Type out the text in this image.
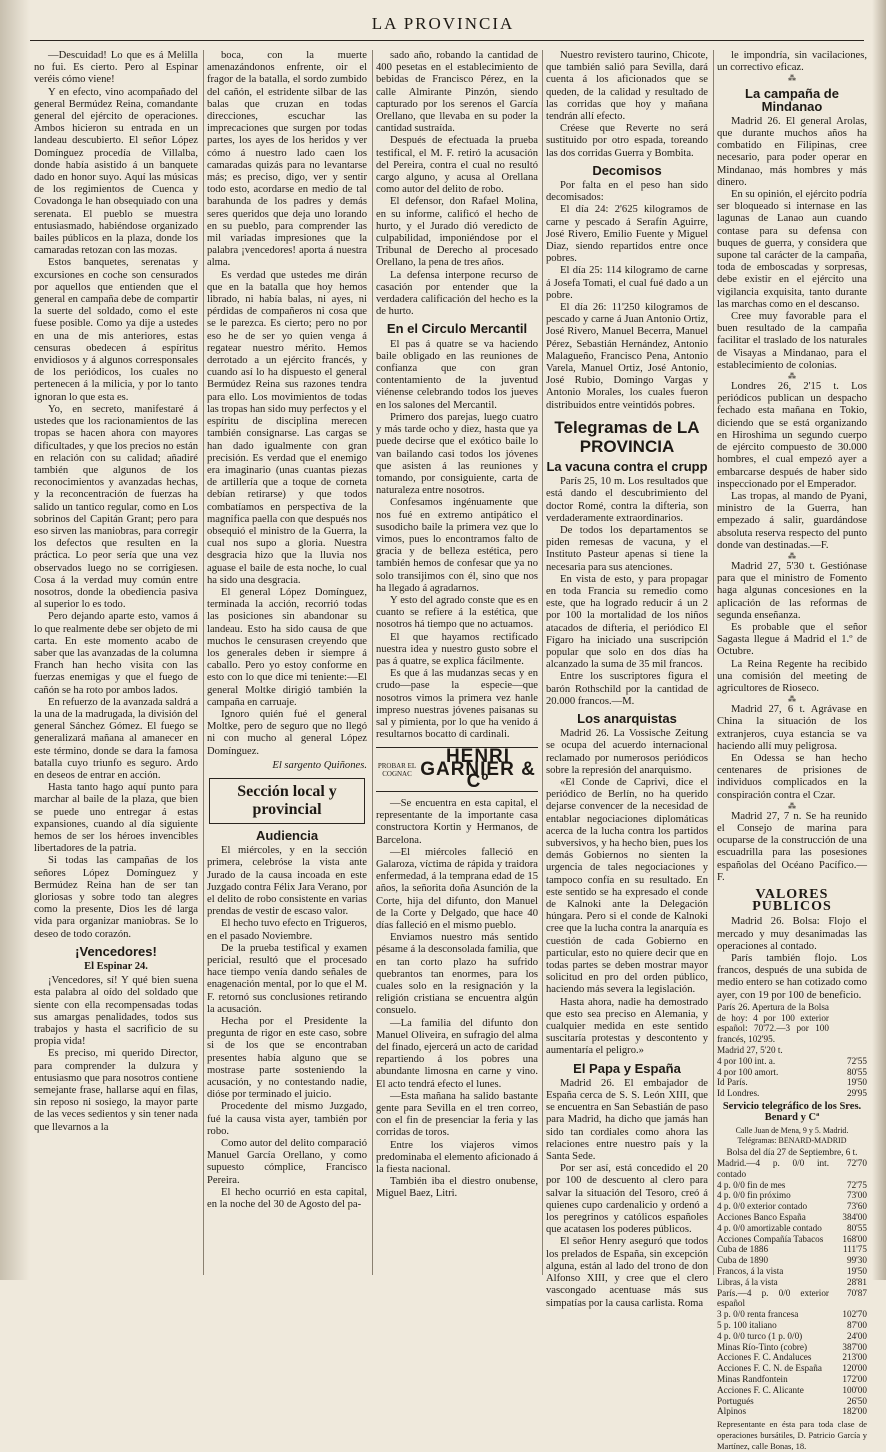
LA PROVINCIA

—Descuidad! Lo que es á Melilla no fui. Es cierto. Pero al Espinar veréis cómo viene!

Y en efecto, vino acompañado del general Bermúdez Reina, comandante general del ejército de operaciones. Ambos hicieron su entrada en un landeau descubierto. El señor López Domínguez procedía de Villalba, donde había asistido á un banquete dado en honor suyo. Aquí las músicas de los regimientos de Cuenca y Covadonga le han obsequiado con una serenata. El pueblo se muestra entusiasmado, habiéndose organizado bailes públicos en la plaza, donde los camaradas retozan con las mozas.

Estos banquetes, serenatas y excursiones en coche son censurados por aquellos que entienden que el general en campaña debe de compartir la suerte del soldado, como el este fuese posible. Como ya dije a ustedes en una de mis anteriores, estas censuras obedecen á espíritus envidiosos y á algunos corresponsales de los periódicos, los cuales no pertenecen á la milicia, y por lo tanto ignoran lo que esta es.

Yo, en secreto, manifestaré á ustedes que los racionamientos de las tropas se hacen ahora con mayores dificultades, y que los precios no están en relación con su calidad; añadiré también que algunos de los reconocimientos y avanzadas hechas, y la reconcentración de fuerzas ha salido un tantico regular, como en Los sobrinos del Capitán Grant; pero para eso sirven las maniobras, para corregir los defectos que resulten en la práctica. Lo peor sería que una vez observados luego no se corrigiesen. Cosa á la verdad muy común entre nosotros, donde la obediencia pasiva al superior lo es todo.

Pero dejando aparte esto, vamos á lo que realmente debe ser objeto de mi carta. En este momento acabo de saber que las avanzadas de la columna Franch han hecho visita con las fuerzas enemigas y que el fuego de cañón se ha roto por ambos lados.

En refuerzo de la avanzada saldrá a la una de la madrugada, la división del general Sánchez Gómez. El fuego se generalizará mañana al amanecer en este término, donde se dara la famosa batalla cuyo triunfo es seguro. Ardo en deseos de entrar en acción.

Hasta tanto hago aquí punto para marchar al baile de la plaza, que bien se puede uno entregar á estas expansiones, cuando al día siguiente hemos de ser los héroes invencibles libertadores de la patria.

Si todas las campañas de los señores López Domínguez y Bermúdez Reina han de ser tan gloriosas y sobre todo tan alegres como la presente, Dios les dé larga vida para organizar maniobras. Se lo deseo de todo corazón.

¡Vencedores!
El Espinar 24.

¡Vencedores, sí! Y qué bien suena esta palabra al oído del soldado que siente con ella recompensadas todas sus amargas penalidades, todos sus trabajos y hasta el sacrificio de su propia vida!

Es preciso, mi querido Director, para comprender la dulzura y entusiasmo que para nosotros contiene semejante frase, hallarse aquí en filas, sin reposo ni sosiego, la mayor parte de las veces sedientos y sin tener nada que llevarnos a la

boca, con la muerte amenazándonos enfrente, oir el fragor de la batalla, el sordo zumbido del cañón, el estridente silbar de las balas que cruzan en todas direcciones, escuchar las imprecaciones que surgen por todas partes, los ayes de los heridos y ver cómo á nuestro lado caen los camaradas quizás para no levantarse más; es preciso, digo, ver y sentir todo esto, acordarse en medio de tal barahunda de los padres y demás seres queridos que deja uno lorando en su pueblo, para comprender las mil variadas impresiones que la palabra ¡vencedores! aporta á nuestra alma.

Es verdad que ustedes me dirán que en la batalla que hoy hemos librado, ni había balas, ni ayes, ni pérdidas de compañeros ni cosa que se le parezca. Es cierto; pero no por eso he de ser yo quien venga á regatear nuestro mérito. Hemos derrotado a un ejército francés, y cuando así lo ha dispuesto el general Bermúdez Reina sus razones tendra para ello. Los movimientos de todas las tropas han sido muy perfectos y el espíritu de disciplina merecen también consignarse. Las cargas se han dado igualmente con gran precisión. Es verdad que el enemigo era imaginario (unas cuantas piezas de artillería que a toque de corneta debían retirarse) y que todos combatíamos en perspectiva de la magnífica paella con que después nos obsequió el ministro de la Guerra, la cual nos supo a gloria. Nuestra desgracia hizo que la lluvia nos aguase el baile de esta noche, lo cual ha sido una desgracia.

El general López Domínguez, terminada la acción, recorrió todas las posiciones sin abandonar su landeau. Esto ha sido causa de que muchos le censurasen creyendo que los generales deben ir siempre á caballo. Pero yo estoy conforme en esto con lo que dice mi teniente:—El general Moltke dirigió también la campaña en carruaje.

Ignoro quién fué el general Moltke, pero de seguro que no llegó ni con mucho al general López Domínguez.

El sargento Quiñones.
Sección local y provincial
Audiencia

El miércoles, y en la sección primera, celebróse la vista ante Jurado de la causa incoada en este Juzgado contra Félix Jara Verano, por el delito de robo consistente en varias prendas de vestir de escaso valor.

El hecho tuvo efecto en Trigueros, en el pasado Noviembre.

De la prueba testifical y examen pericial, resultó que el procesado hace tiempo venía dando señales de enagenación mental, por lo que el M. F. retornó sus conclusiones retirando la acusación.

Hecha por el Presidente la pregunta de rigor en este caso, sobre si de los que se encontraban presentes había alguno que se mostrase parte sosteniendo la acusación, y no contestando nadie, dióse por terminado el juicio.

Procedente del mismo Juzgado, fué la causa vista ayer, también por robo.

Como autor del delito comparació Manuel García Orellano, y como supuesto cómplice, Francisco Pereira.

El hecho ocurrió en esta capital, en la noche del 30 de Agosto del pa-

sado año, robando la cantidad de 400 pesetas en el establecimiento de bebidas de Francisco Pérez, en la calle Almirante Pinzón, siendo capturado por los serenos el García Orellano, que llevaba en su poder la cantidad sustraída.

Después de efectuada la prueba testifical, el M. F. retiró la acusación del Pereira, contra el cual no resultó cargo alguno, y acusa al Orellana como autor del delito de robo.

El defensor, don Rafael Molina, en su informe, calificó el hecho de hurto, y el Jurado dió veredicto de culpabilidad, imponiéndose por el Tribunal de Derecho al procesado Orellano, la pena de tres años.

La defensa interpone recurso de casación por entender que la verdadera calificación del hecho es la de hurto.

En el Circulo Mercantil

El pas á quatre se va haciendo baile obligado en las reuniones de confianza que con gran contentamiento de la juventud viénense celebrando todos los jueves en los salones del Mercantil.

Primero dos parejas, luego cuatro y más tarde ocho y diez, hasta que ya puede decirse que el exótico baile lo van bailando casi todos los jóvenes que asisten á las reuniones y tomando, por consiguiente, carta de naturaleza entre nosotros.

Confesamos ingénuamente que nos fué en extremo antipático el susodicho baile la primera vez que lo vimos, pues lo encontramos falto de gracia y de belleza estética, pero también hemos de confesar que ya no solo transijimos con él, sino que nos ha llegado á agradarnos.

Y esto del agrado conste que es en cuanto se refiere á la estética, que nosotros há tiempo que no actuamos.

El que hayamos rectificado nuestra idea y nuestro gusto sobre el pas á quatre, se explica fácilmente.

Es que á las mudanzas secas y en crudo—pase la especie—que nosotros vimos la primera vez hanle impreso nuestras jóvenes paisanas su sal y pimienta, por lo que ha venido á resultarnos bocatto di cardinali.

PROBAR EL COGNAC
HENRI GARNIER & Cº

—Se encuentra en esta capital, el representante de la importante casa constructora Kortin y Hermanos, de Barcelona.

—El miércoles falleció en Galaroza, víctima de rápida y traidora enfermedad, á la temprana edad de 15 años, la señorita doña Asunción de la Corte, hija del difunto, don Manuel de la Corte y Delgado, que hace 40 días falleció en el mismo pueblo.

Enviamos nuestro más sentido pésame á la desconsolada familia, que en tan corto plazo ha sufrido quebrantos tan enormes, para los cuales solo en la resignación y la religión cristiana se encuentra algún consuelo.

—La familia del difunto don Manuel Oliveira, en sufragio del alma del finado, ejercerá un acto de caridad repartiendo á los pobres una abundante limosna en carne y vino. El acto tendrá efecto el lunes.

—Esta mañana ha salido bastante gente para Sevilla en el tren correo, con el fin de presenciar la feria y las corridas de toros.

Entre los viajeros vimos predominaba el elemento aficionado á la fiesta nacional.

También iba el diestro onubense, Miguel Baez, Litri.

Nuestro revistero taurino, Chicote, que también salió para Sevilla, dará cuenta á los aficionados que se queden, de la calidad y resultado de las corridas que hoy y mañana tendrán allí efecto.

Créese que Reverte no será sustituido por otro espada, toreando las dos corridas Guerra y Bombita.

Decomisos

Por falta en el peso han sido decomisados:

El día 24: 2'625 kilogramos de carne y pescado á Serafín Aguirre, José Rivero, Emilio Fuente y Miguel Diaz, siendo repartidos entre once pobres.

El día 25: 114 kilogramo de carne á Josefa Tomati, el cual fué dado a un pobre.

El día 26: 11'250 kilogramos de pescado y carne á Juan Antonio Ortiz, José Rivero, Manuel Becerra, Manuel Pérez, Sebastián Hernández, Antonio Malagueño, Francisco Pena, Antonio Varela, Manuel Ortiz, José Antonio, José Rubio, Domingo Vargas y Antonio Morales, los cuales fueron distribuidos entre veintidós pobres.

Telegramas de LA PROVINCIA
La vacuna contra el crupp

París 25, 10 m. Los resultados que está dando el descubrimiento del doctor Romé, contra la difteria, son verdaderamente extraordinarios.

De todos los departamentos se piden remesas de vacuna, y el Instituto Pasteur apenas si tiene la necesaria para sus atenciones.

En vista de esto, y para propagar en toda Francia su remedio como este, que ha logrado reducir á un 2 por 100 la mortalidad de los niños atacados de difteria, el periódico El Fígaro ha iniciado una suscripción popular que solo en dos días ha alcanzado la suma de 35 mil francos.

Entre los suscriptores figura el barón Rothschild por la cantidad de 20.000 francos.—M.

Los anarquistas

Madrid 26. La Vossische Zeitung se ocupa del acuerdo internacional reclamado por numerosos periódicos sobre la represión del anarquismo.

«El Conde de Caprivi, dice el periódico de Berlín, no ha querido dejarse convencer de la necesidad de entablar negociaciones diplomáticas acerca de la lucha contra los partidos subversivos, y ha hecho bien, pues los demás Gobiernos no sienten la urgencia de tales negociaciones y tampoco confía en su resultado. En este sentido se ha expresado el conde de Kalnoki ante la Delegación húngara. Pero si el conde de Kalnoki cree que la lucha contra la anarquía es cuestión de cada Gobierno en particular, esto no quiere decir que en todas partes se deben mostrar mayor solicitud en pro del orden público, haciendo más severa la legislación.

Hasta ahora, nadie ha demostrado que esto sea preciso en Alemania, y cualquier medida en este sentido suscitaría protestas y descontento y aumentaría el peligro.»

El Papa y España

Madrid 26. El embajador de España cerca de S. S. León XIII, que se encuentra en San Sebastián de paso para Madrid, ha dicho que jamás han sido tan cordiales como ahora las relaciones entre nuestro país y la Santa Sede.

Por ser así, está concedido el 20 por 100 de descuento al clero para salvar la situación del Tesoro, creó á quienes cupo cardenalicio y ordenó a los peregrinos y católicos españoles que acatasen los poderes públicos.

El señor Henry aseguró que todos los prelados de España, sin excepción alguna, están al lado del trono de don Alfonso XIII, y cree que el clero vascongado acentuase más sus simpatías por la causa carlista. Roma

le impondría, sin vacilaciones, un correctivo eficaz.

⁂
La campaña de Mindanao

Madrid 26. El general Arolas, que durante muchos años ha combatido en Filipinas, cree necesario, para poder operar en Mindanao, más hombres y más dinero.

En su opinión, el ejército podría ser bloqueado si internase en las lagunas de Lanao aun cuando contase para su defensa con buques de guerra, y considera que supone tal carácter de la campaña, toda de emboscadas y sorpresas, debe existir en el ejército una vigilancia exquisita, tanto durante las marchas como en el descanso.

Cree muy favorable para el buen resultado de la campaña facilitar el traslado de los naturales de Visayas a Mindanao, para el establecimiento de colonias.

⁂

Londres 26, 2'15 t. Los periódicos publican un despacho fechado esta mañana en Tokio, diciendo que se está organizando en Hiroshima un segundo cuerpo de ejército compuesto de 30.000 hombres, el cual empezó ayer a embarcarse después de haber sido inspeccionado por el Emperador.

Las tropas, al mando de Pyani, ministro de la Guerra, han empezado á salir, guardándose absoluta reserva respecto del punto donde van destinadas.—F.

⁂

Madrid 27, 5'30 t. Gestiónase para que el ministro de Fomento haga algunas concesiones en la aplicación de las reformas de segunda enseñanza.

Es probable que el señor Sagasta llegue á Madrid el 1.º de Octubre.

La Reina Regente ha recibido una comisión del meeting de agricultores de Rioseco.

⁂

Madrid 27, 6 t. Agrávase en China la situación de los extranjeros, cuya estancia se va haciendo allí muy peligrosa.

En Odessa se han hecho centenares de prisiones de individuos complicados en la conspiración contra el Czar.

⁂

Madrid 27, 7 n. Se ha reunido el Consejo de marina para ocuparse de la construcción de una escuadrilla para las posesiones españolas del Océano Pacífico.—F.

VALORES PUBLICOS

Madrid 26. Bolsa: Flojo el mercado y muy desanimadas las operaciones al contado.

París también flojo. Los francos, después de una subida de medio entero se han cotizado como ayer, con 19 por 100 de beneficio.

París 26. Apertura de la Bolsa de hoy: 4 por 100 exterior español: 70'72.—3 por 100 francés, 102'95.
Madrid 27, 5'20 t.
4 por 100 int. a.	72'55
4 por 100 amort.	80'55
Id París.	19'50
Id Londres.	29'95
Servicio telegráfico de los Sres. Benard y Cª
Calle Juan de Mena, 9 y 5. Madrid. Telégramas: BENARD-MADRID
Bolsa del día 27 de Septiembre, 6 t.
Madrid.—4 p. 0/0 int. contado
72'70
4 p. 0/0 fin de mes	72'75
4 p. 0/0 fin próximo	73'00
4 p. 0/0 exterior contado	73'60
Acciones Banco España	384'00
4 p. 0/0 amortizable contado	80'55
Acciones Compañía Tabacos	168'00
Cuba de 1886	111'75
Cuba de 1890	99'30
Francos, á la vista	19'50
Libras, á la vista	28'81
París.—4 p. 0/0 exterior español
70'87
3 p. 0/0 renta francesa	102'70
5 p. 100 italiano	87'00
4 p. 0/0 turco (1 p. 0/0)	24'00
Minas Río-Tinto (cobre)	387'00
Acciones F. C. Andaluces	213'00
Acciones F. C. N. de España	120'00
Minas Randfontein	172'00
Acciones F. C. Alicante	100'00
Portugués	26'50
Alpinos	182'00
Representante en ésta para toda clase de operaciones bursátiles, D. Patricio García y Martínez, calle Bonas, 18.
